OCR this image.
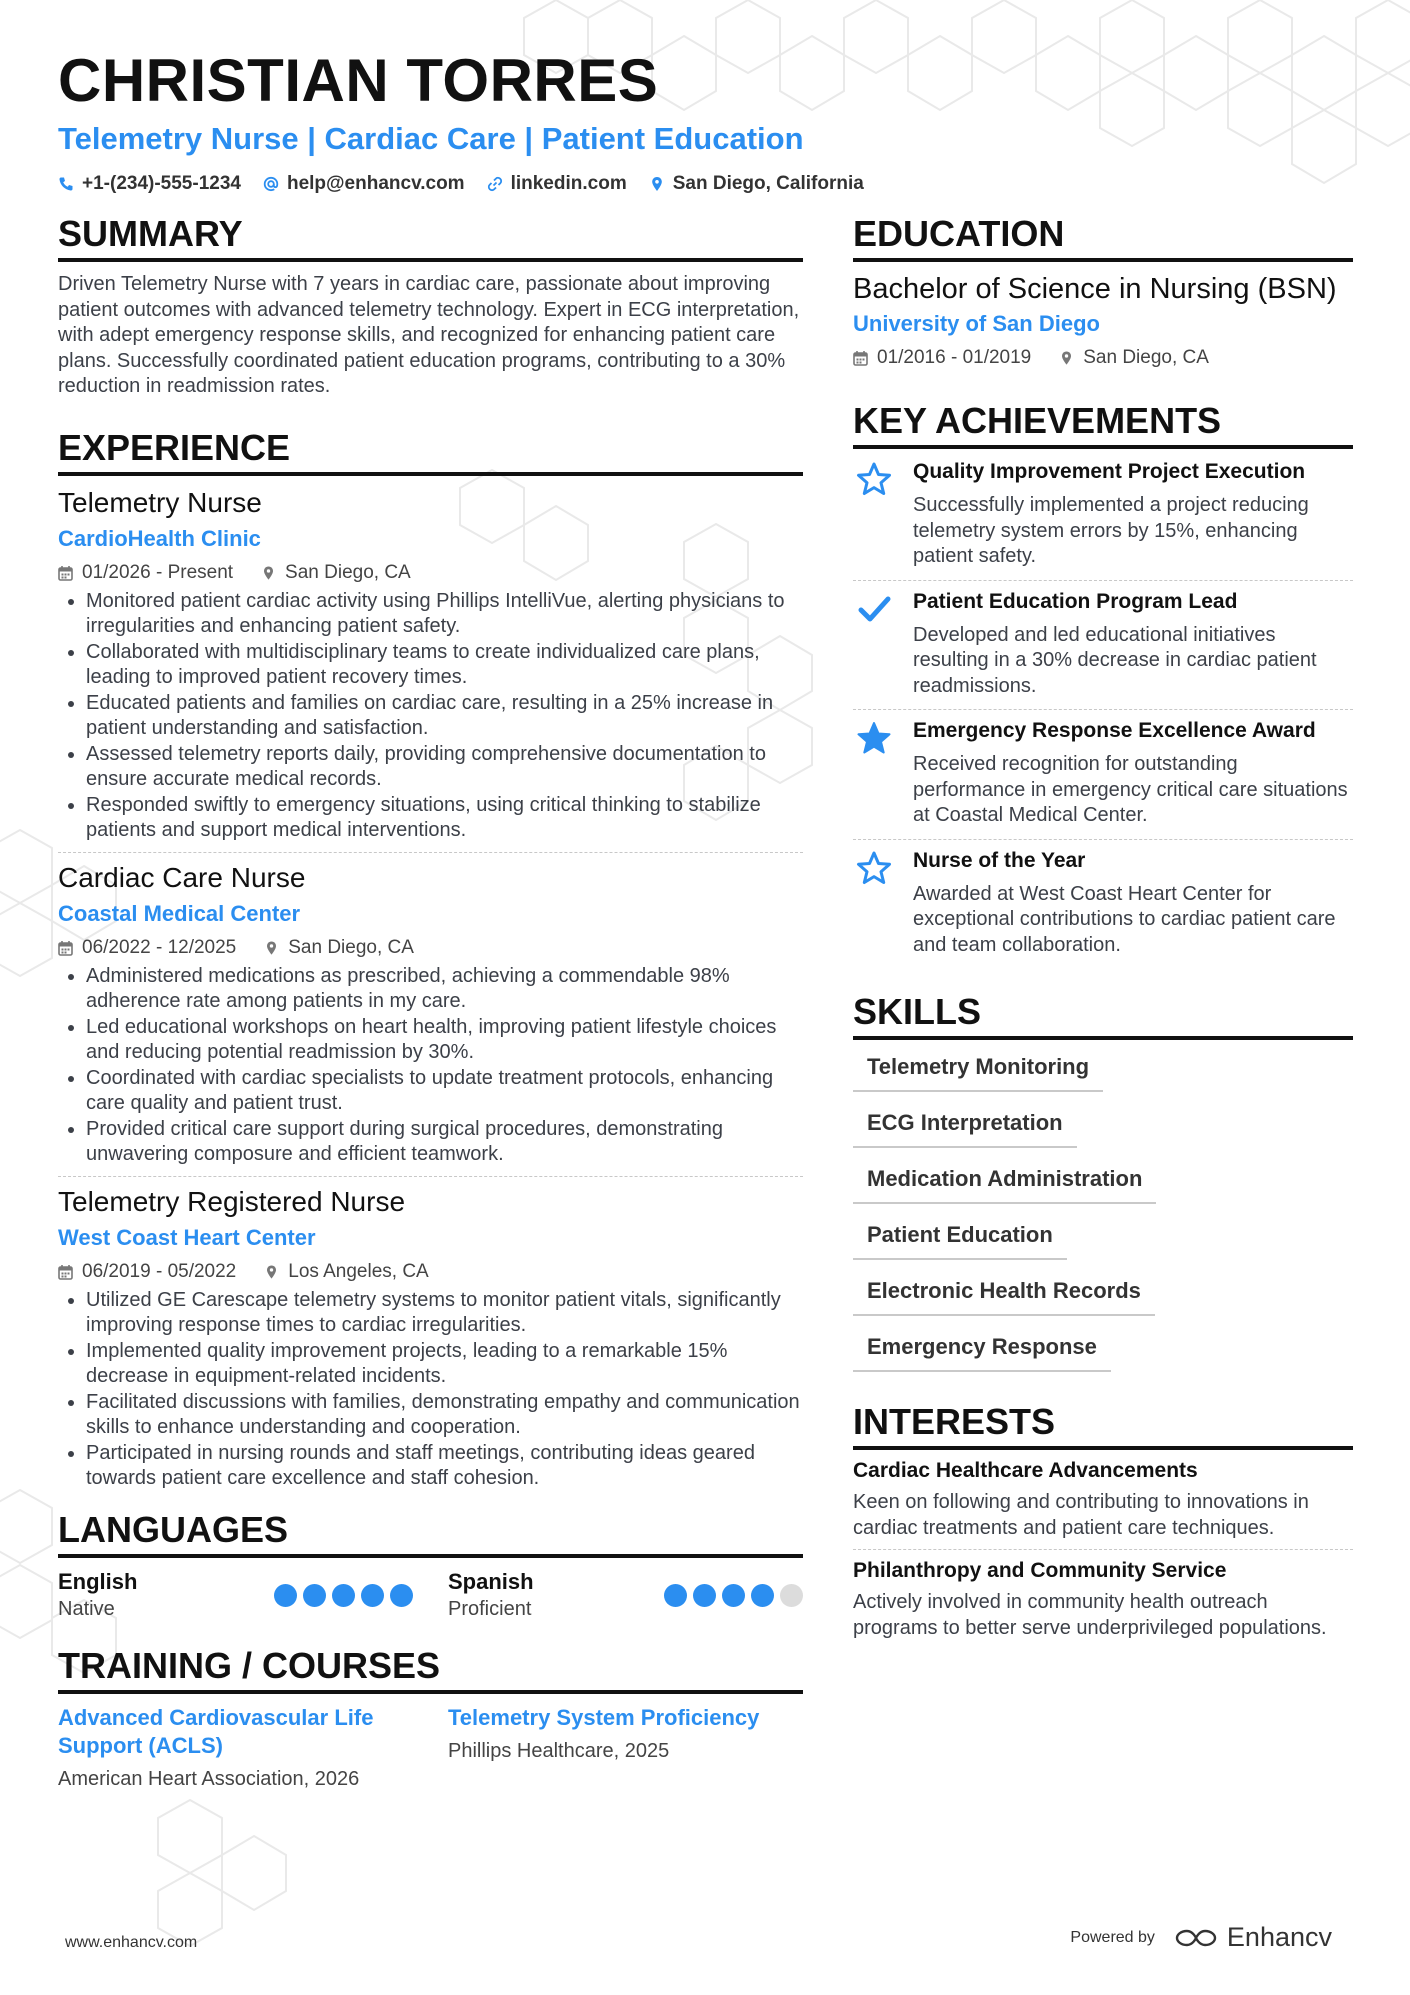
CHRISTIAN TORRES
Telemetry Nurse | Cardiac Care | Patient Education
+1-(234)-555-1234 help@enhancv.com linkedin.com San Diego, California
SUMMARY
Driven Telemetry Nurse with 7 years in cardiac care, passionate about improving patient outcomes with advanced telemetry technology. Expert in ECG interpretation, with adept emergency response skills, and recognized for enhancing patient care plans. Successfully coordinated patient education programs, contributing to a 30% reduction in readmission rates.
EXPERIENCE
Telemetry Nurse
CardioHealth Clinic
01/2026 - Present	San Diego, CA
• Monitored patient cardiac activity using Phillips IntelliVue, alerting physicians to irregularities and enhancing patient safety.
• Collaborated with multidisciplinary teams to create individualized care plans, leading to improved patient recovery times.
• Educated patients and families on cardiac care, resulting in a 25% increase in patient understanding and satisfaction.
• Assessed telemetry reports daily, providing comprehensive documentation to ensure accurate medical records.
• Responded swiftly to emergency situations, using critical thinking to stabilize patients and support medical interventions.
Cardiac Care Nurse
Coastal Medical Center
06/2022 - 12/2025	San Diego, CA
• Administered medications as prescribed, achieving a commendable 98% adherence rate among patients in my care.
• Led educational workshops on heart health, improving patient lifestyle choices and reducing potential readmission by 30%.
• Coordinated with cardiac specialists to update treatment protocols, enhancing care quality and patient trust.
• Provided critical care support during surgical procedures, demonstrating unwavering composure and efficient teamwork.
Telemetry Registered Nurse
West Coast Heart Center
06/2019 - 05/2022	Los Angeles, CA
• Utilized GE Carescape telemetry systems to monitor patient vitals, significantly improving response times to cardiac irregularities.
• Implemented quality improvement projects, leading to a remarkable 15% decrease in equipment-related incidents.
• Facilitated discussions with families, demonstrating empathy and communication skills to enhance understanding and cooperation.
• Participated in nursing rounds and staff meetings, contributing ideas geared towards patient care excellence and staff cohesion.
LANGUAGES
English
Native
Spanish
Proficient
TRAINING / COURSES
Advanced Cardiovascular Life Support (ACLS)
American Heart Association, 2026
Telemetry System Proficiency
Phillips Healthcare, 2025
EDUCATION
Bachelor of Science in Nursing (BSN)
University of San Diego
01/2016 - 01/2019	San Diego, CA
KEY ACHIEVEMENTS
Quality Improvement Project Execution
Successfully implemented a project reducing telemetry system errors by 15%, enhancing patient safety.
Patient Education Program Lead
Developed and led educational initiatives resulting in a 30% decrease in cardiac patient readmissions.
Emergency Response Excellence Award
Received recognition for outstanding performance in emergency critical care situations at Coastal Medical Center.
Nurse of the Year
Awarded at West Coast Heart Center for exceptional contributions to cardiac patient care and team collaboration.
SKILLS
Telemetry Monitoring
ECG Interpretation
Medication Administration
Patient Education
Electronic Health Records
Emergency Response
INTERESTS
Cardiac Healthcare Advancements
Keen on following and contributing to innovations in cardiac treatments and patient care techniques.
Philanthropy and Community Service
Actively involved in community health outreach programs to better serve underprivileged populations.
www.enhancv.com	Powered by	Enhancv
